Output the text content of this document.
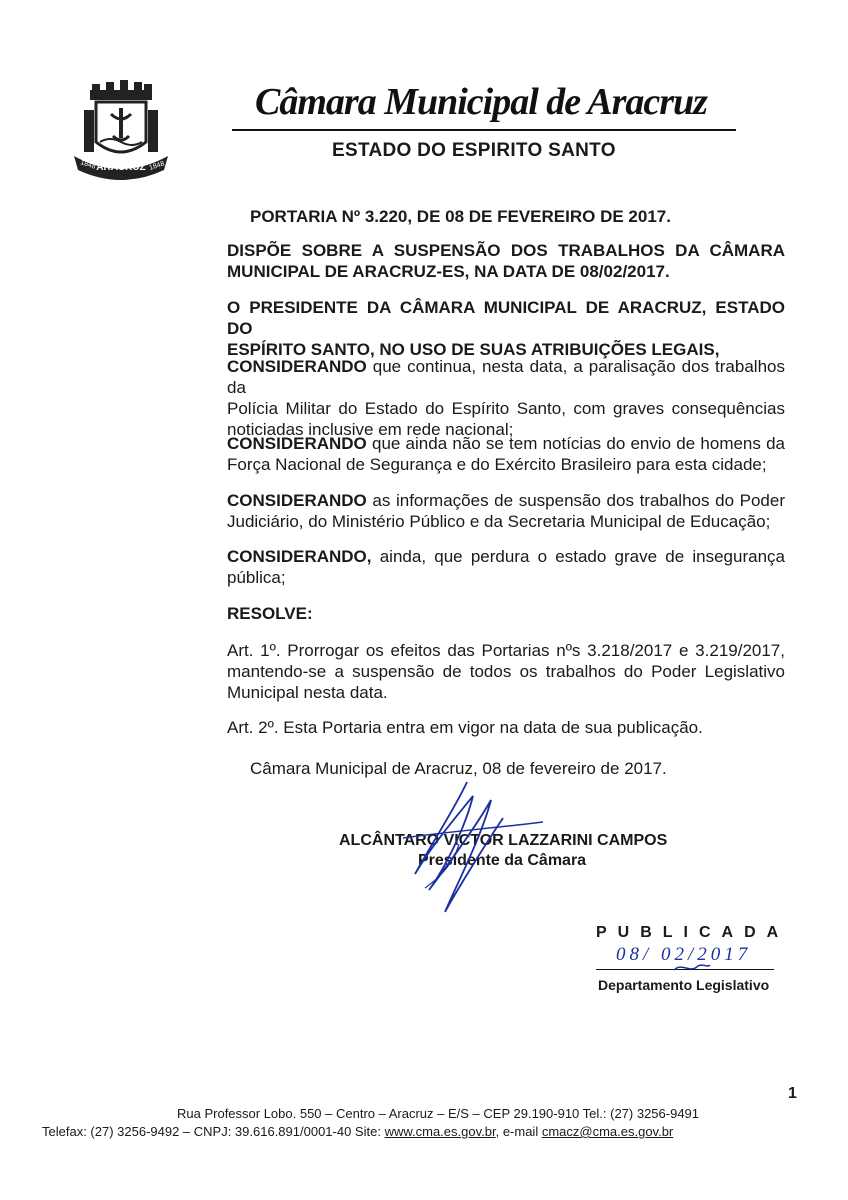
ARACRUZ
1848	1848
Câmara Municipal de Aracruz
ESTADO DO ESPIRITO SANTO
PORTARIA Nº 3.220, DE 08 DE FEVEREIRO DE 2017.
DISPÕE SOBRE A SUSPENSÃO DOS TRABALHOS DA CÂMARA
MUNICIPAL DE ARACRUZ-ES, NA DATA DE 08/02/2017.
O PRESIDENTE DA CÂMARA MUNICIPAL DE ARACRUZ, ESTADO DO
ESPÍRITO SANTO, NO USO DE SUAS ATRIBUIÇÕES LEGAIS,
CONSIDERANDO que continua, nesta data, a paralisação dos trabalhos da
Polícia Militar do Estado do Espírito Santo, com graves consequências
noticiadas inclusive em rede nacional;
CONSIDERANDO que ainda não se tem notícias do envio de homens da
Força Nacional de Segurança e do Exército Brasileiro para esta cidade;
CONSIDERANDO as informações de suspensão dos trabalhos do Poder
Judiciário, do Ministério Público e da Secretaria Municipal de Educação;
CONSIDERANDO, ainda, que perdura o estado grave de insegurança
pública;
RESOLVE:
Art. 1º. Prorrogar os efeitos das Portarias nºs 3.218/2017 e 3.219/2017,
mantendo-se a suspensão de todos os trabalhos do Poder Legislativo
Municipal nesta data.
Art. 2º. Esta Portaria entra em vigor na data de sua publicação.
Câmara Municipal de Aracruz, 08 de fevereiro de 2017.
ALCÂNTARO VICTOR LAZZARINI CAMPOS
Presidente da Câmara
PUBLICADA
08/ 02/2017
Departamento Legislativo
1
Rua Professor Lobo. 550 – Centro – Aracruz – E/S – CEP 29.190-910 Tel.: (27) 3256-9491
Telefax: (27) 3256-9492 – CNPJ: 39.616.891/0001-40 Site: www.cma.es.gov.br, e-mail cmacz@cma.es.gov.br
